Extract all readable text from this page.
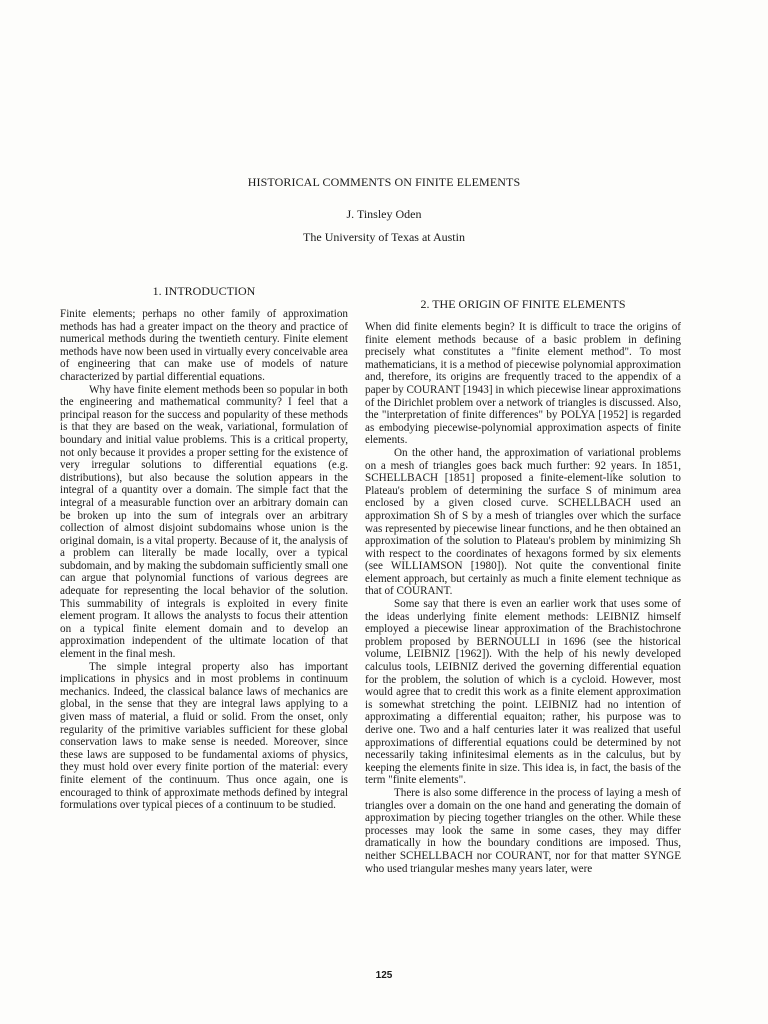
HISTORICAL COMMENTS ON FINITE ELEMENTS
J. Tinsley Oden
The University of Texas at Austin
1. INTRODUCTION

Finite elements; perhaps no other family of approximation methods has had a greater impact on the theory and practice of numerical methods during the twentieth century. Finite element methods have now been used in virtually every conceivable area of engineering that can make use of models of nature characterized by partial differential equations.

Why have finite element methods been so popular in both the engineering and mathematical community? I feel that a principal reason for the success and popularity of these methods is that they are based on the weak, variational, formulation of boundary and initial value problems. This is a critical property, not only because it provides a proper setting for the existence of very irregular solutions to differential equations (e.g. distributions), but also because the solution appears in the integral of a quantity over a domain. The simple fact that the integral of a measurable function over an arbitrary domain can be broken up into the sum of integrals over an arbitrary collection of almost disjoint subdomains whose union is the original domain, is a vital property. Because of it, the analysis of a problem can literally be made locally, over a typical subdomain, and by making the subdomain sufficiently small one can argue that polynomial functions of various degrees are adequate for representing the local behavior of the solution. This summability of integrals is exploited in every finite element program. It allows the analysts to focus their attention on a typical finite element domain and to develop an approximation independent of the ultimate location of that element in the final mesh.

The simple integral property also has important implications in physics and in most problems in continuum mechanics. Indeed, the classical balance laws of mechanics are global, in the sense that they are integral laws applying to a given mass of material, a fluid or solid. From the onset, only regularity of the primitive variables sufficient for these global conservation laws to make sense is needed. Moreover, since these laws are supposed to be fundamental axioms of physics, they must hold over every finite portion of the material: every finite element of the continuum. Thus once again, one is encouraged to think of approximate methods defined by integral formulations over typical pieces of a continuum to be studied.

2. THE ORIGIN OF FINITE ELEMENTS

When did finite elements begin? It is difficult to trace the origins of finite element methods because of a basic problem in defining precisely what constitutes a "finite element method". To most mathematicians, it is a method of piecewise polynomial approximation and, therefore, its origins are frequently traced to the appendix of a paper by COURANT [1943] in which piecewise linear approximations of the Dirichlet problem over a network of triangles is discussed. Also, the "interpretation of finite differences" by POLYA [1952] is regarded as embodying piecewise-polynomial approximation aspects of finite elements.

On the other hand, the approximation of variational problems on a mesh of triangles goes back much further: 92 years. In 1851, SCHELLBACH [1851] proposed a finite-element-like solution to Plateau's problem of determining the surface S of minimum area enclosed by a given closed curve. SCHELLBACH used an approximation Sh of S by a mesh of triangles over which the surface was represented by piecewise linear functions, and he then obtained an approximation of the solution to Plateau's problem by minimizing Sh with respect to the coordinates of hexagons formed by six elements (see WILLIAMSON [1980]). Not quite the conventional finite element approach, but certainly as much a finite element technique as that of COURANT.

Some say that there is even an earlier work that uses some of the ideas underlying finite element methods: LEIBNIZ himself employed a piecewise linear approximation of the Brachistochrone problem proposed by BERNOULLI in 1696 (see the historical volume, LEIBNIZ [1962]). With the help of his newly developed calculus tools, LEIBNIZ derived the governing differential equation for the problem, the solution of which is a cycloid. However, most would agree that to credit this work as a finite element approximation is somewhat stretching the point. LEIBNIZ had no intention of approximating a differential equaiton; rather, his purpose was to derive one. Two and a half centuries later it was realized that useful approximations of differential equations could be determined by not necessarily taking infinitesimal elements as in the calculus, but by keeping the elements finite in size. This idea is, in fact, the basis of the term "finite elements".

There is also some difference in the process of laying a mesh of triangles over a domain on the one hand and generating the domain of approximation by piecing together triangles on the other. While these processes may look the same in some cases, they may differ dramatically in how the boundary conditions are imposed. Thus, neither SCHELLBACH nor COURANT, nor for that matter SYNGE who used triangular meshes many years later, were

125
